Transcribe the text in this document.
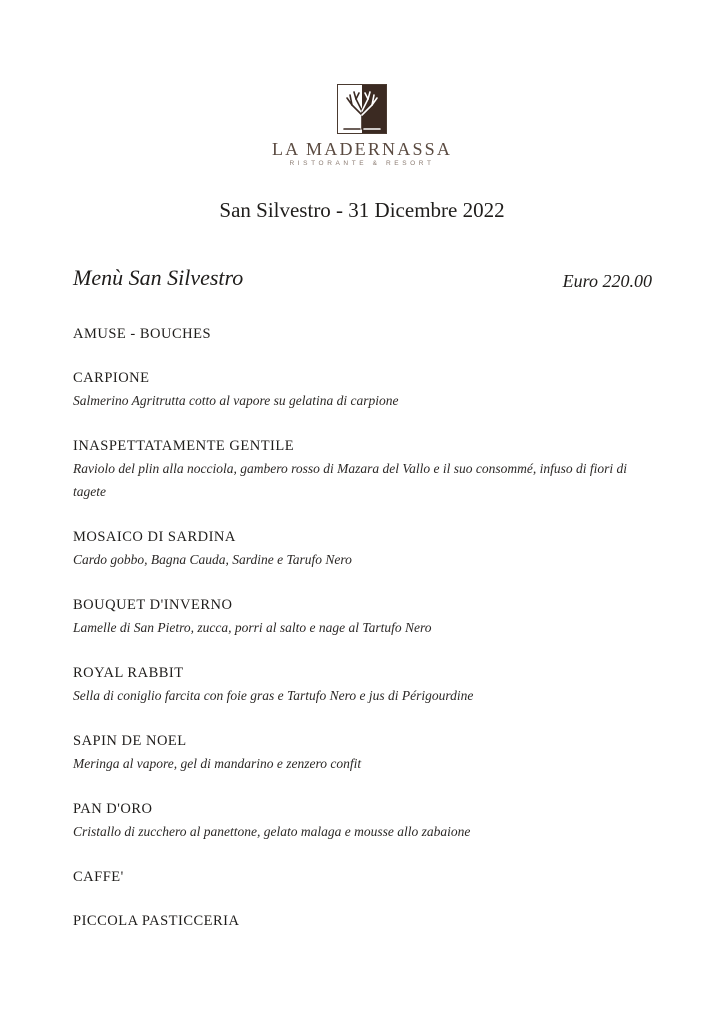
LA MADERNASSA
RISTORANTE & RESORT
San Silvestro - 31 Dicembre 2022
Menù San Silvestro	Euro 220.00
AMUSE - BOUCHES
CARPIONE
Salmerino Agritrutta cotto al vapore su gelatina di carpione
INASPETTATAMENTE GENTILE
Raviolo del plin alla nocciola, gambero rosso di Mazara del Vallo e il suo consommé, infuso di fiori di tagete
MOSAICO DI SARDINA
Cardo gobbo, Bagna Cauda, Sardine e Tarufo Nero
BOUQUET D'INVERNO
Lamelle di San Pietro, zucca, porri al salto e nage al Tartufo Nero
ROYAL RABBIT
Sella di coniglio farcita con foie gras e Tartufo Nero e jus di Périgourdine
SAPIN DE NOEL
Meringa al vapore, gel di mandarino e zenzero confit
PAN D'ORO
Cristallo di zucchero al panettone, gelato malaga e mousse allo zabaione
CAFFE'
PICCOLA PASTICCERIA
